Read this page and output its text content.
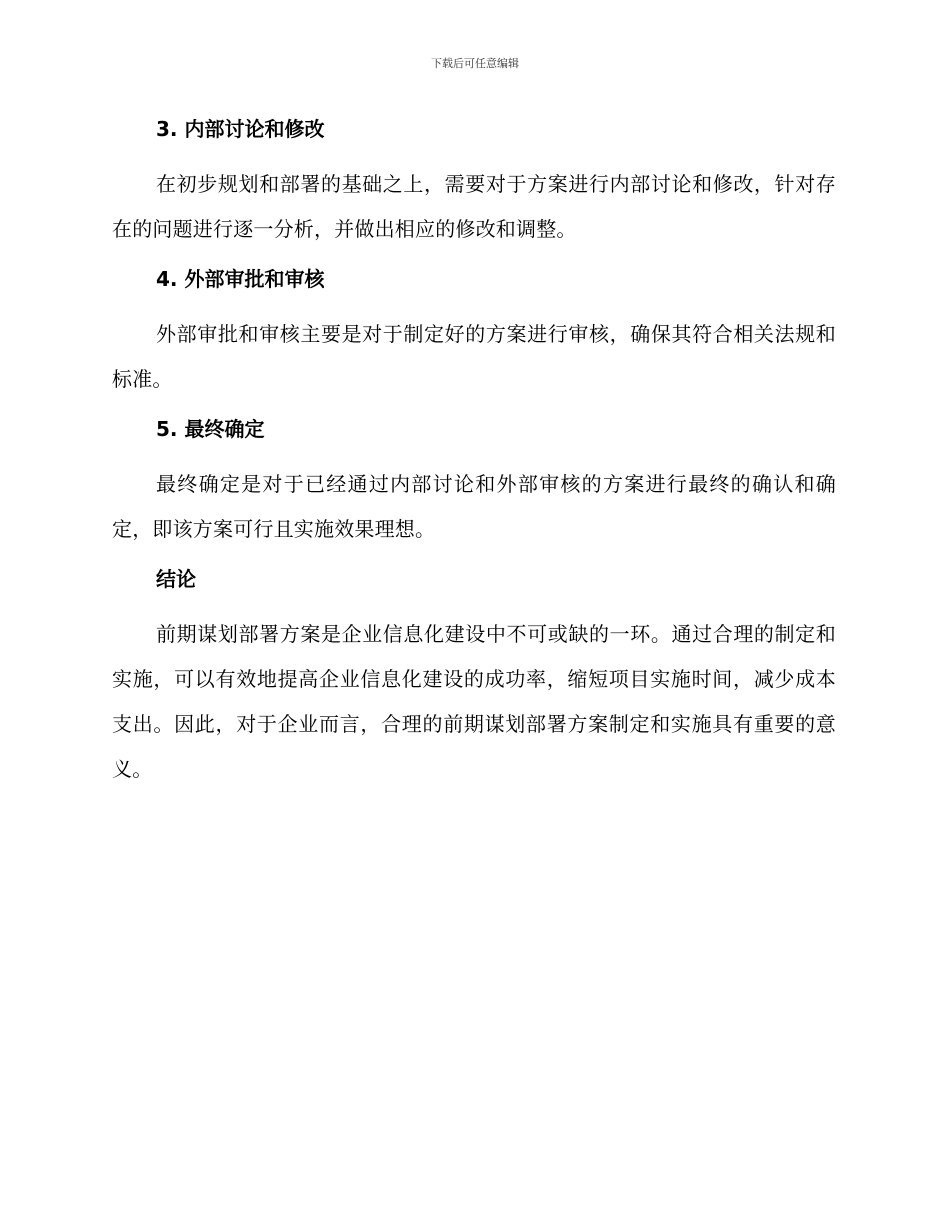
下载后可任意编辑
3. 内部讨论和修改

在初步规划和部署的基础之上，需要对于方案进行内部讨论和修改，针对存在的问题进行逐一分析，并做出相应的修改和调整。

4. 外部审批和审核

外部审批和审核主要是对于制定好的方案进行审核，确保其符合相关法规和标准。

5. 最终确定

最终确定是对于已经通过内部讨论和外部审核的方案进行最终的确认和确定，即该方案可行且实施效果理想。

结论

前期谋划部署方案是企业信息化建设中不可或缺的一环。通过合理的制定和实施，可以有效地提高企业信息化建设的成功率，缩短项目实施时间，减少成本支出。因此，对于企业而言，合理的前期谋划部署方案制定和实施具有重要的意义。
